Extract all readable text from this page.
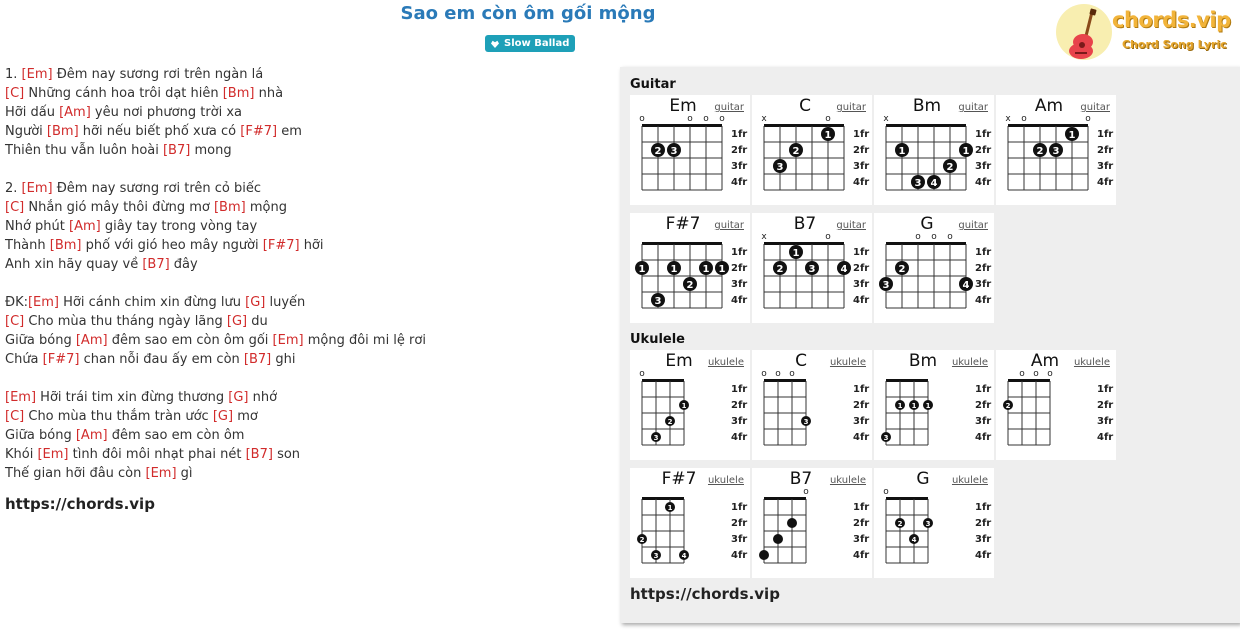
Sao em còn ôm gối mộng
Slow Ballad
chords.vip
Chord Song Lyric
1. [Em] Đêm nay sương rơi trên ngàn lá
[C] Những cánh hoa trôi dạt hiên [Bm] nhà
Hỡi dấu [Am] yêu nơi phương trời xa
Người [Bm] hỡi nếu biết phố xưa có [F#7] em
Thiên thu vẫn luôn hoài [B7] mong
2. [Em] Đêm nay sương rơi trên cỏ biếc
[C] Nhắn gió mây thôi đừng mơ [Bm] mộng
Nhớ phút [Am] giây tay trong vòng tay
Thành [Bm] phố với gió heo mây người [F#7] hỡi
Anh xin hãy quay về [B7] đây
ĐK:[Em] Hỡi cánh chim xin đừng lưu [G] luyến
[C] Cho mùa thu tháng ngày lãng [G] du
Giữa bóng [Am] đêm sao em còn ôm gối [Em] mộng đôi mi lệ rơi
Chứa [F#7] chan nỗi đau ấy em còn [B7] ghi
[Em] Hỡi trái tim xin đừng thương [G] nhớ
[C] Cho mùa thu thắm tràn ước [G] mơ
Giữa bóng [Am] đêm sao em còn ôm
Khói [Em] tình đôi môi nhạt phai nét [B7] son
Thế gian hỡi đâu còn [Em] gì
https://chords.vip
Guitar
Ukulele
https://chords.vip
Em	guitar
1fr
2fr
3fr
4fr
o	o o o
2 3
C	guitar
1fr
2fr
3fr
4fr
x	o
1
2
3
Bm	guitar
1fr
2fr
3fr
4fr
x
1	1
2
3 4
Am	guitar
1fr
2fr
3fr
4fr
x o	o
1
2 3
F#7	guitar
1fr
2fr
3fr
4fr
1	1	1 1
2
3
B7	guitar
1fr
2fr
3fr
4fr
x	o
1
2	3	4
G	guitar
1fr
2fr
3fr
4fr
o o o
2
3	4
Em	ukulele
1fr
2fr
3fr
4fr
o
1
2
3
C	ukulele
1fr
2fr
3fr
4fr
o o o
3
Bm	ukulele
1fr
2fr
3fr
4fr
1 1 1
3
Am	ukulele
1fr
2fr
3fr
4fr
o o o
2
F#7	ukulele
1fr
2fr
3fr
4fr
1
2
3	4
B7	ukulele
1fr
2fr
3fr
4fr
o
G	ukulele
1fr
2fr
3fr
4fr
o
2	3
4
